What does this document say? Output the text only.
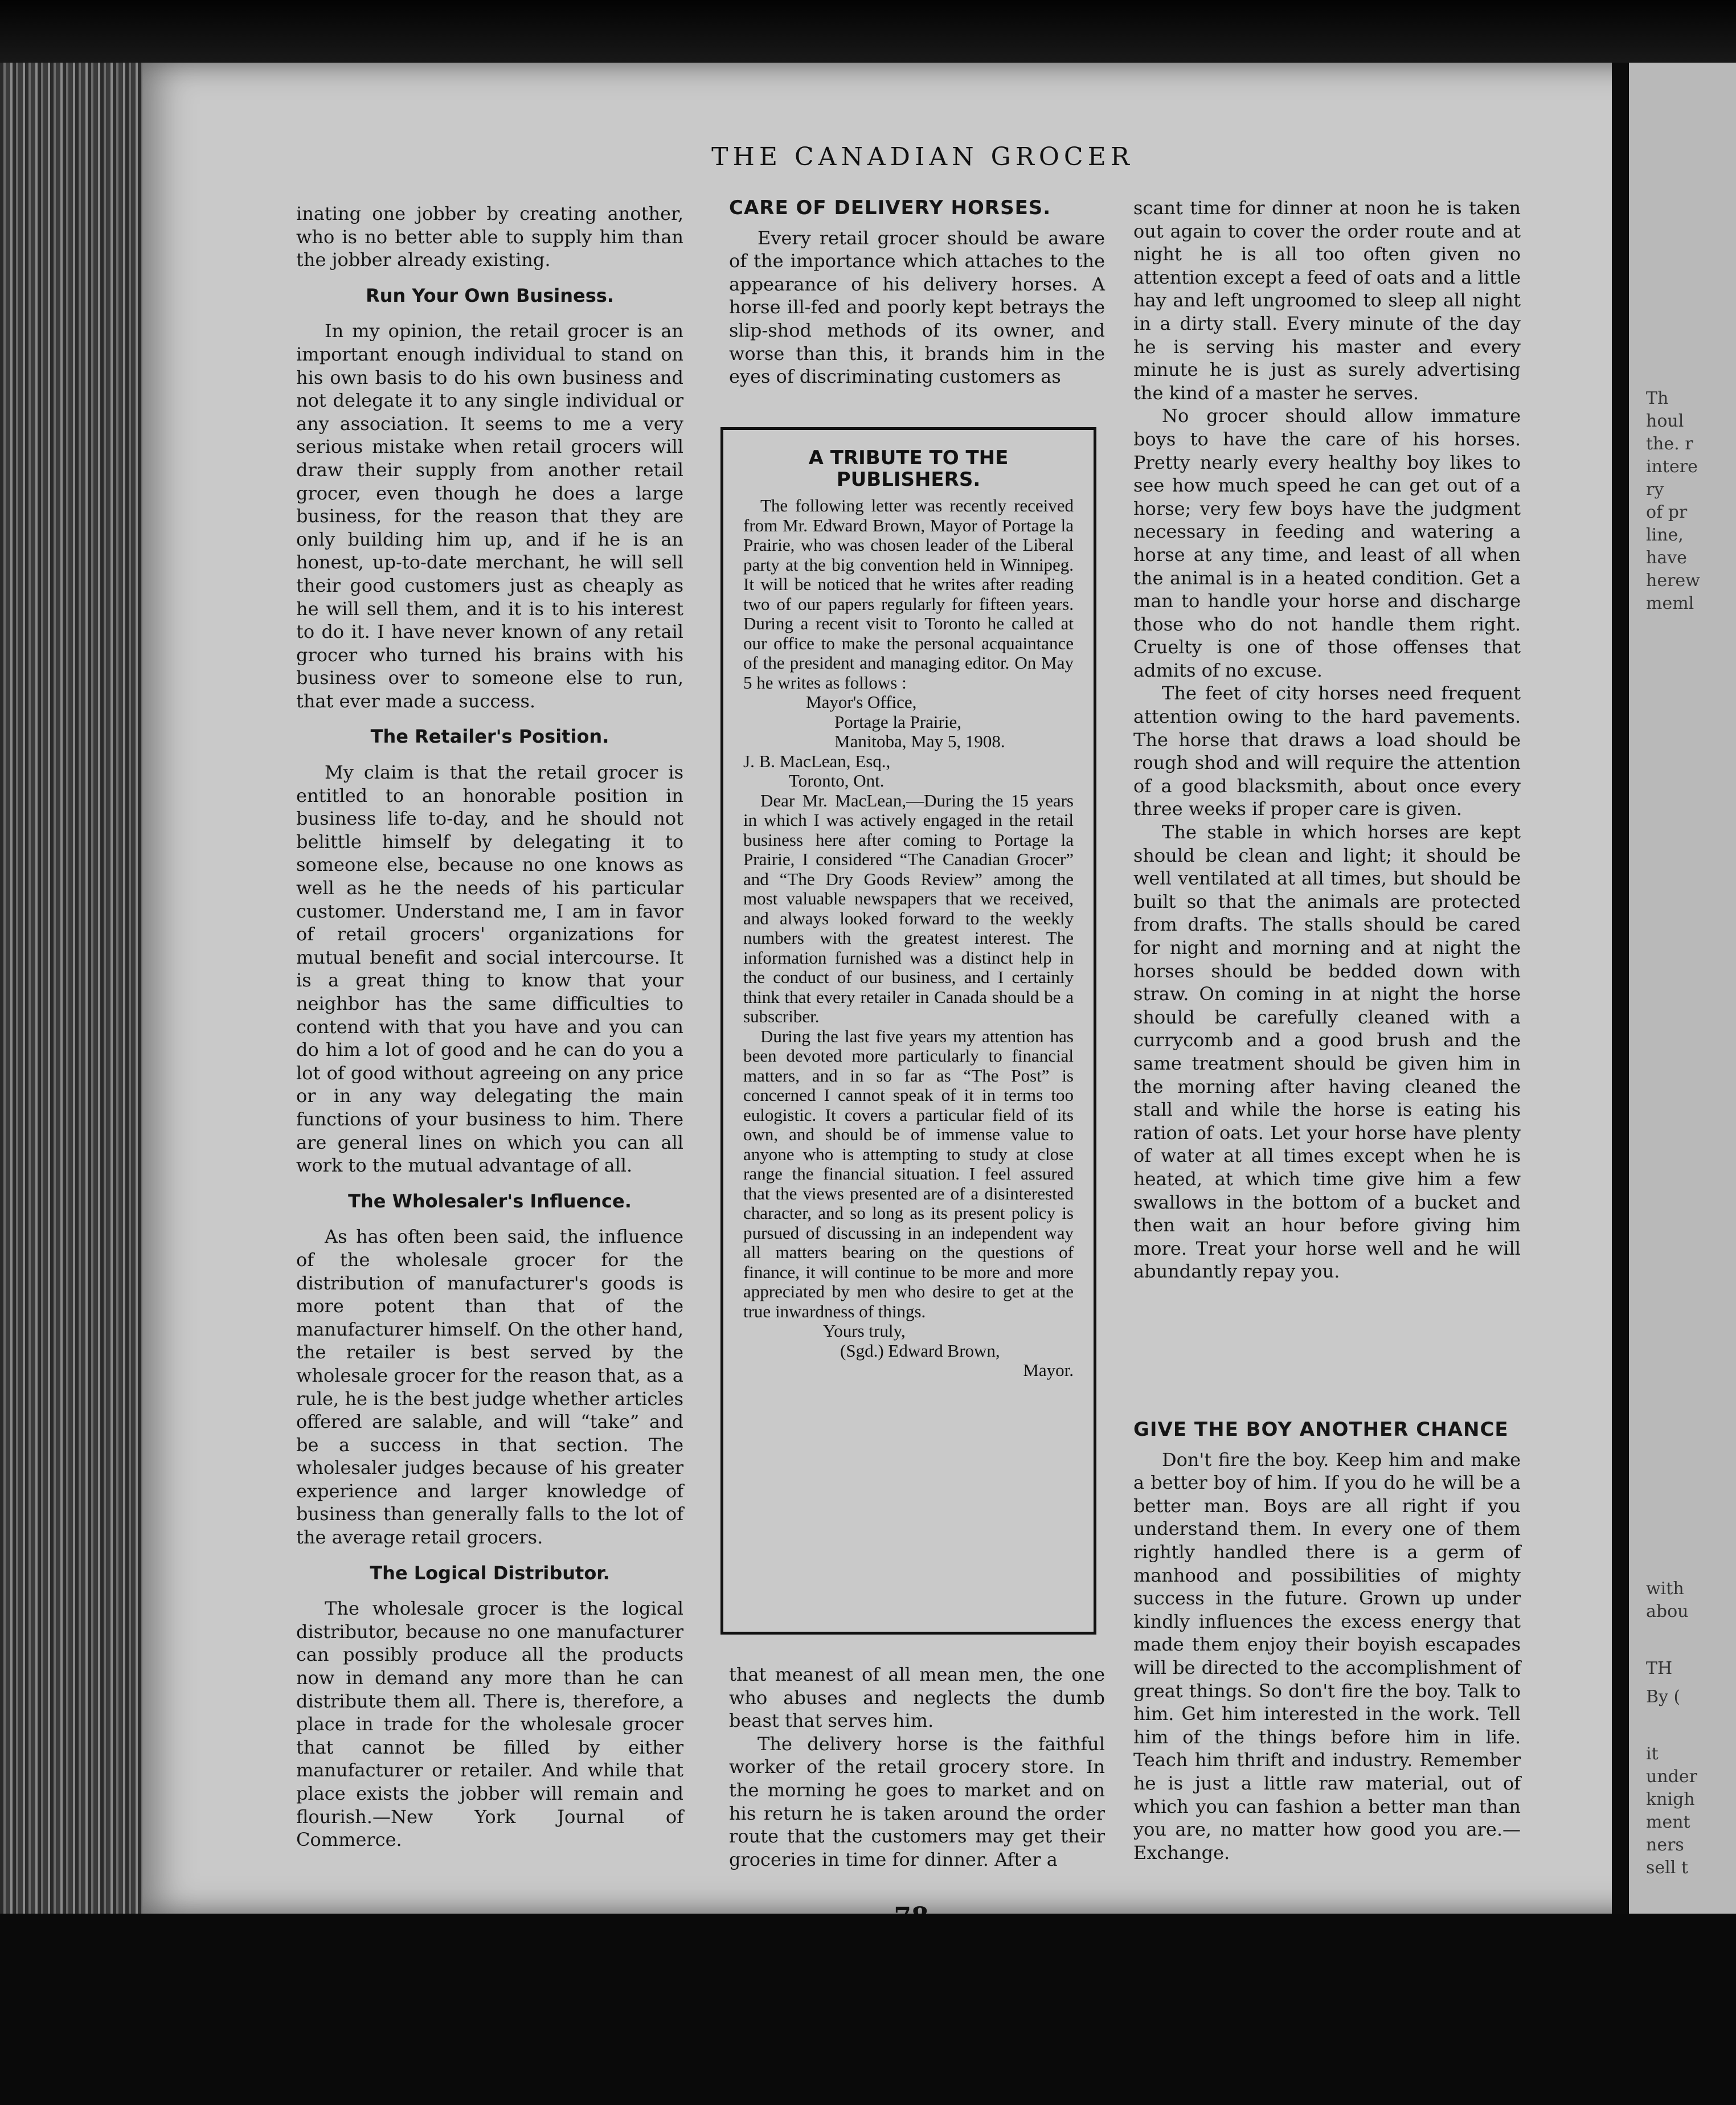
Th
houl
the. r
intere
ry
of pr
line,
have
herew
meml
with
abou
TH
By (
it
under
knigh
ment
ners
sell t
THE CANADIAN GROCER

inating one jobber by creating another, who is no better able to supply him than the jobber already existing.

Run Your Own Business.

In my opinion, the retail grocer is an important enough individual to stand on his own basis to do his own business and not delegate it to any single individual or any association. It seems to me a very serious mistake when retail grocers will draw their supply from another retail grocer, even though he does a large business, for the reason that they are only building him up, and if he is an honest, up-to-date merchant, he will sell their good customers just as cheaply as he will sell them, and it is to his interest to do it. I have never known of any retail grocer who turned his brains with his business over to someone else to run, that ever made a success.

The Retailer's Position.

My claim is that the retail grocer is entitled to an honorable position in business life to-day, and he should not belittle himself by delegating it to someone else, because no one knows as well as he the needs of his particular customer. Understand me, I am in favor of retail grocers' organizations for mutual benefit and social intercourse. It is a great thing to know that your neighbor has the same difficulties to contend with that you have and you can do him a lot of good and he can do you a lot of good without agreeing on any price or in any way delegating the main functions of your business to him. There are general lines on which you can all work to the mutual advantage of all.

The Wholesaler's Influence.

As has often been said, the influence of the wholesale grocer for the distribution of manufacturer's goods is more potent than that of the manufacturer himself. On the other hand, the retailer is best served by the wholesale grocer for the reason that, as a rule, he is the best judge whether articles offered are salable, and will “take” and be a success in that section. The wholesaler judges because of his greater experience and larger knowledge of business than generally falls to the lot of the average retail grocers.

The Logical Distributor.

The wholesale grocer is the logical distributor, because no one manufacturer can possibly produce all the products now in demand any more than he can distribute them all. There is, therefore, a place in trade for the wholesale grocer that cannot be filled by either manufacturer or retailer. And while that place exists the jobber will remain and flourish.—New York Journal of Commerce.

CARE OF DELIVERY HORSES.

Every retail grocer should be aware of the importance which attaches to the appearance of his delivery horses. A horse ill-fed and poorly kept betrays the slip-shod methods of its owner, and worse than this, it brands him in the eyes of discriminating customers as

A TRIBUTE TO THE PUBLISHERS.

The following letter was recently received from Mr. Edward Brown, Mayor of Portage la Prairie, who was chosen leader of the Liberal party at the big convention held in Winnipeg. It will be noticed that he writes after reading two of our papers regularly for fifteen years. During a recent visit to Toronto he called at our office to make the personal acquaintance of the president and managing editor. On May 5 he writes as follows :

Mayor's Office,

Portage la Prairie,

Manitoba, May 5, 1908.

J. B. MacLean, Esq.,

Toronto, Ont.

Dear Mr. MacLean,—During the 15 years in which I was actively engaged in the retail business here after coming to Portage la Prairie, I considered “The Canadian Grocer” and “The Dry Goods Review” among the most valuable newspapers that we received, and always looked forward to the weekly numbers with the greatest interest. The information furnished was a distinct help in the conduct of our business, and I certainly think that every retailer in Canada should be a subscriber.

During the last five years my attention has been devoted more particularly to financial matters, and in so far as “The Post” is concerned I cannot speak of it in terms too eulogistic. It covers a particular field of its own, and should be of immense value to anyone who is attempting to study at close range the financial situation. I feel assured that the views presented are of a disinterested character, and so long as its present policy is pursued of discussing in an independent way all matters bearing on the questions of finance, it will continue to be more and more appreciated by men who desire to get at the true inwardness of things.

Yours truly,

(Sgd.) Edward Brown,

Mayor.

that meanest of all mean men, the one who abuses and neglects the dumb beast that serves him.

The delivery horse is the faithful worker of the retail grocery store. In the morning he goes to market and on his return he is taken around the order route that the customers may get their groceries in time for dinner. After a

scant time for dinner at noon he is taken out again to cover the order route and at night he is all too often given no attention except a feed of oats and a little hay and left ungroomed to sleep all night in a dirty stall. Every minute of the day he is serving his master and every minute he is just as surely advertising the kind of a master he serves.

No grocer should allow immature boys to have the care of his horses. Pretty nearly every healthy boy likes to see how much speed he can get out of a horse; very few boys have the judgment necessary in feeding and watering a horse at any time, and least of all when the animal is in a heated condition. Get a man to handle your horse and discharge those who do not handle them right. Cruelty is one of those offenses that admits of no excuse.

The feet of city horses need frequent attention owing to the hard pavements. The horse that draws a load should be rough shod and will require the attention of a good blacksmith, about once every three weeks if proper care is given.

The stable in which horses are kept should be clean and light; it should be well ventilated at all times, but should be built so that the animals are protected from drafts. The stalls should be cared for night and morning and at night the horses should be bedded down with straw. On coming in at night the horse should be carefully cleaned with a currycomb and a good brush and the same treatment should be given him in the morning after having cleaned the stall and while the horse is eating his ration of oats. Let your horse have plenty of water at all times except when he is heated, at which time give him a few swallows in the bottom of a bucket and then wait an hour before giving him more. Treat your horse well and he will abundantly repay you.

GIVE THE BOY ANOTHER CHANCE

Don't fire the boy. Keep him and make a better boy of him. If you do he will be a better man. Boys are all right if you understand them. In every one of them rightly handled there is a germ of manhood and possibilities of mighty success in the future. Grown up under kindly influences the excess energy that made them enjoy their boyish escapades will be directed to the accomplishment of great things. So don't fire the boy. Talk to him. Get him interested in the work. Tell him of the things before him in life. Teach him thrift and industry. Remember he is just a little raw material, out of which you can fashion a better man than you are, no matter how good you are.—Exchange.
